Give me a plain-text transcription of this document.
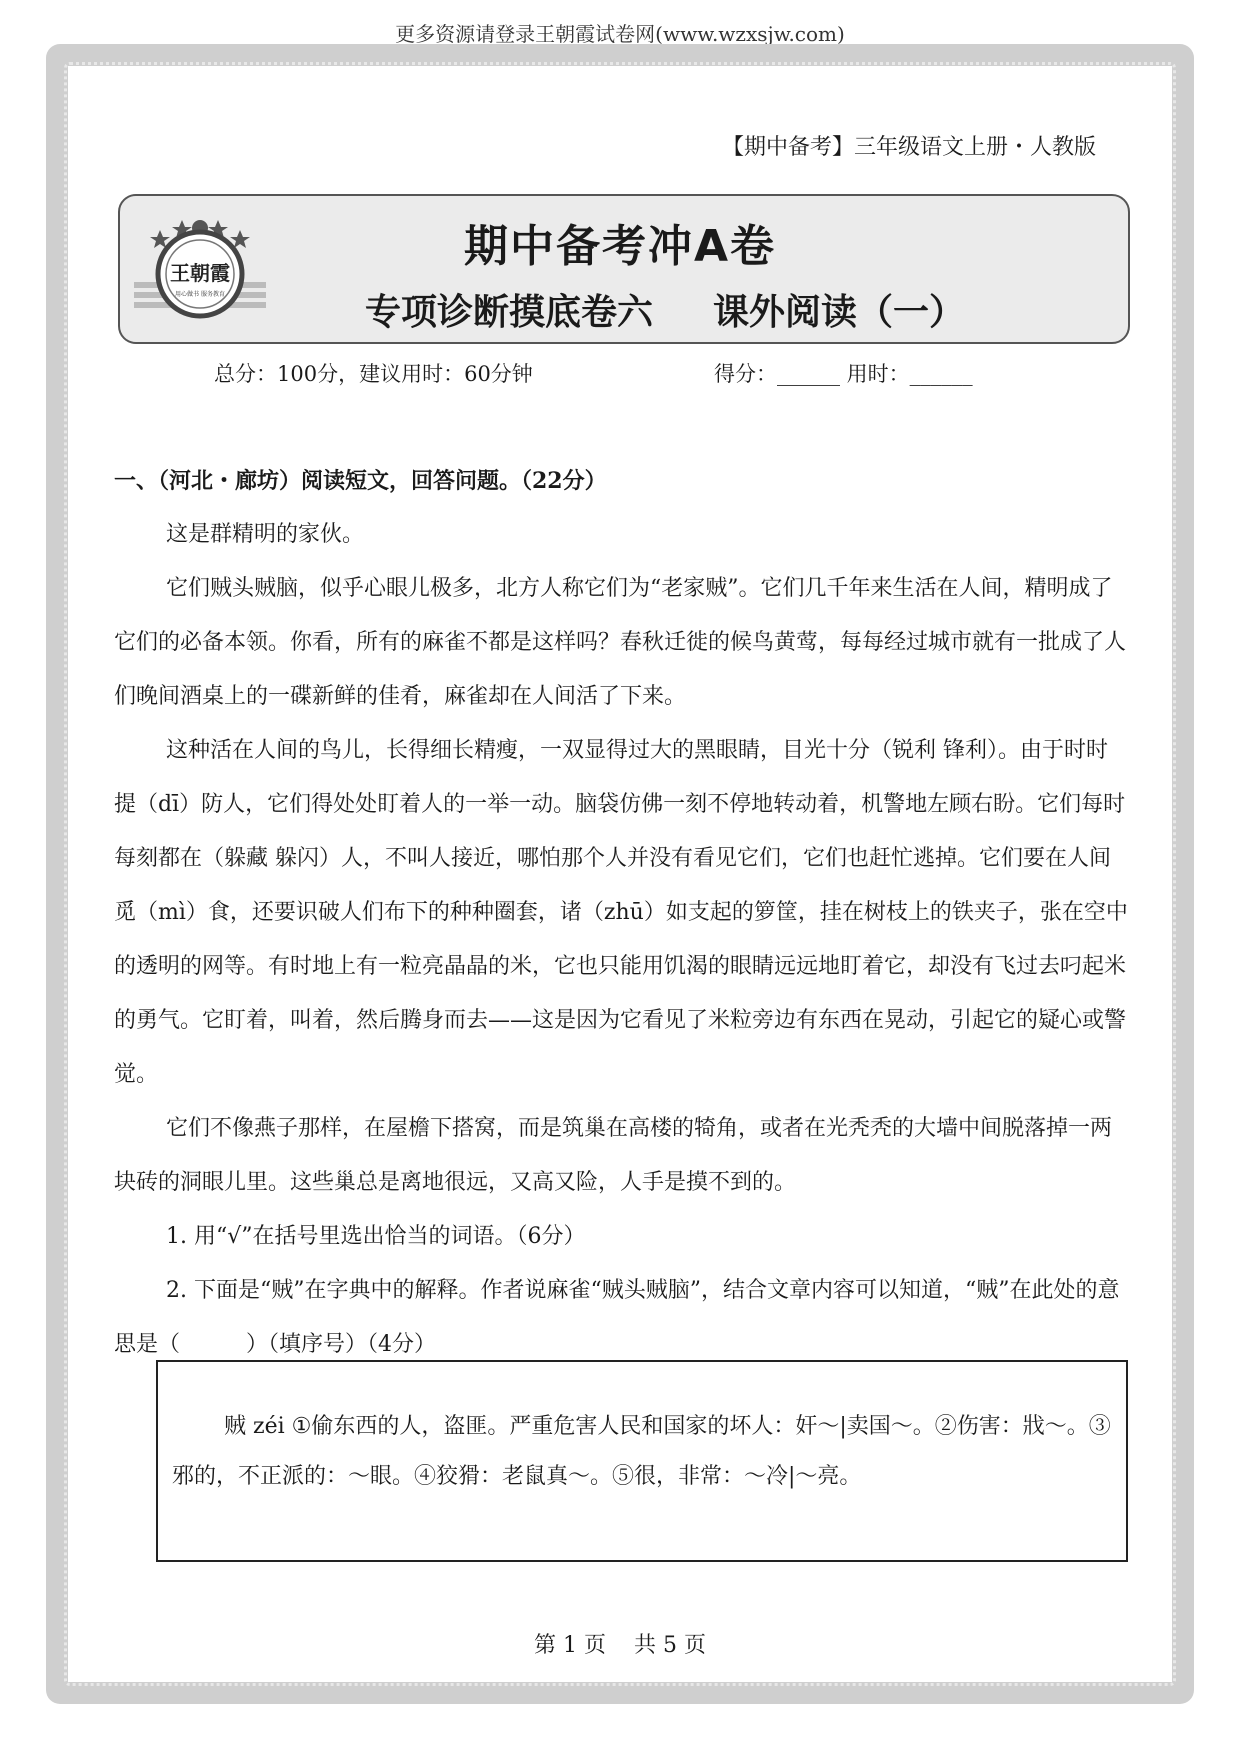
更多资源请登录王朝霞试卷网(www.wzxsjw.com)
【期中备考】三年级语文上册・人教版
王朝霞
用心做书 服务教育
期中备考冲A卷
专项诊断摸底卷六 课外阅读（一）
总分：100分，建议用时：60分钟	得分：______ 用时：______

一、（河北・廊坊）阅读短文，回答问题。（22分）

这是群精明的家伙。

它们贼头贼脑，似乎心眼儿极多，北方人称它们为“老家贼”。它们几千年来生活在人间，精明成了它们的必备本领。你看，所有的麻雀不都是这样吗？春秋迁徙的候鸟黄莺，每每经过城市就有一批成了人们晚间酒桌上的一碟新鲜的佳肴，麻雀却在人间活了下来。

这种活在人间的鸟儿，长得细长精瘦，一双显得过大的黑眼睛，目光十分（锐利 锋利）。由于时时提（dī）防人，它们得处处盯着人的一举一动。脑袋仿佛一刻不停地转动着，机警地左顾右盼。它们每时每刻都在（躲藏 躲闪）人，不叫人接近，哪怕那个人并没有看见它们，它们也赶忙逃掉。它们要在人间觅（mì）食，还要识破人们布下的种种圈套，诸（zhū）如支起的箩筐，挂在树枝上的铁夹子，张在空中的透明的网等。有时地上有一粒亮晶晶的米，它也只能用饥渴的眼睛远远地盯着它，却没有飞过去叼起米的勇气。它盯着，叫着，然后腾身而去——这是因为它看见了米粒旁边有东西在晃动，引起它的疑心或警觉。

它们不像燕子那样，在屋檐下搭窝，而是筑巢在高楼的犄角，或者在光秃秃的大墙中间脱落掉一两块砖的洞眼儿里。这些巢总是离地很远，又高又险，人手是摸不到的。

1. 用“√”在括号里选出恰当的词语。（6分）

2. 下面是“贼”在字典中的解释。作者说麻雀“贼头贼脑”，结合文章内容可以知道，“贼”在此处的意思是（　　　）（填序号）（4分）

贼 zéi ①偷东西的人，盗匪。严重危害人民和国家的坏人：奸～|卖国～。②伤害：戕～。③邪的，不正派的：～眼。④狡猾：老鼠真～。⑤很，非常：～冷|～亮。

第 1 页 共 5 页
